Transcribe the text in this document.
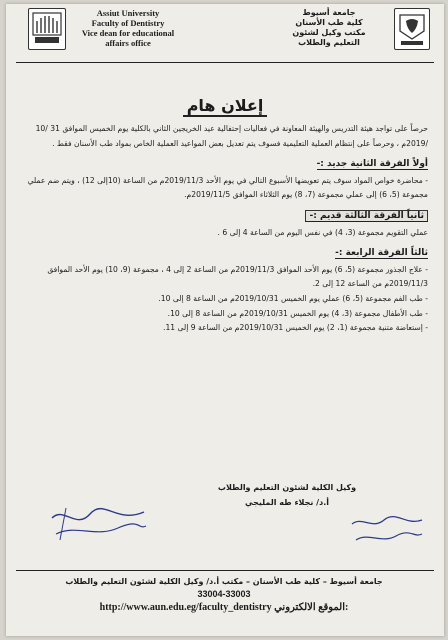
Assiut University
Faculty of Dentistry
Vice dean for educational
affairs office
جامعة أسيوط
كلية طب الأسنان
مكتب وكيل لشئون
التعليم والطلاب
إعلان هام

حرصاً على تواجد هيئة التدريس والهيئة المعاونة في فعاليات إحتفالية عيد الخريجين الثاني بالكلية يوم الخميس الموافق 31 /10 /2019م ، وحرصاً على إنتظام العملية التعليمية فسوف يتم تعديل بعض المواعيد العملية الخاص بمواد طب الأسنان فقط .

أولاً الفرقة الثانية جديد :-

- محاضرة خواص المواد سوف يتم تعويضها الأسبوع التالي في يوم الأحد 2019/11/3م من الساعة (10إلى 12) ، ويتم ضم عملي مجموعة (5، 6) إلى عملي مجموعة (7، 8) يوم الثلاثاء الموافق 2019/11/5م.

ثانياً الفرقة الثالثة قديم :-

عملي التقويم مجموعة (3، 4) في نفس اليوم من الساعة 4 إلى 6 .

ثالثاً الفرقة الرابعة :-

- علاج الجذور مجموعة (5، 6) يوم الأحد الموافق 2019/11/3م من الساعة 2 إلى 4 ، مجموعة (9، 10) يوم الأحد الموافق 2019/11/3م من الساعة 12 إلى 2.

- طب الفم مجموعة (5، 6) عملي يوم الخميس 2019/10/31م من الساعة 8 إلى 10.

- طب الأطفال مجموعة (3، 4) يوم الخميس 2019/10/31م من الساعة 8 إلى 10.

- إستعاضة متنية مجموعة (1، 2) يوم الخميس 2019/10/31م من الساعة 9 إلى 11.

وكيل الكلية لشئون التعليم والطلاب
أ.د/ نجلاء طه المليجي
جامعة أسيوط – كلية طب الأسنان – مكتب أ.د/ وكيل الكلية لشئون التعليم والطلاب
33004-33003
http://www.aun.edu.eg/faculty_dentistry الموقع الالكتروني:
